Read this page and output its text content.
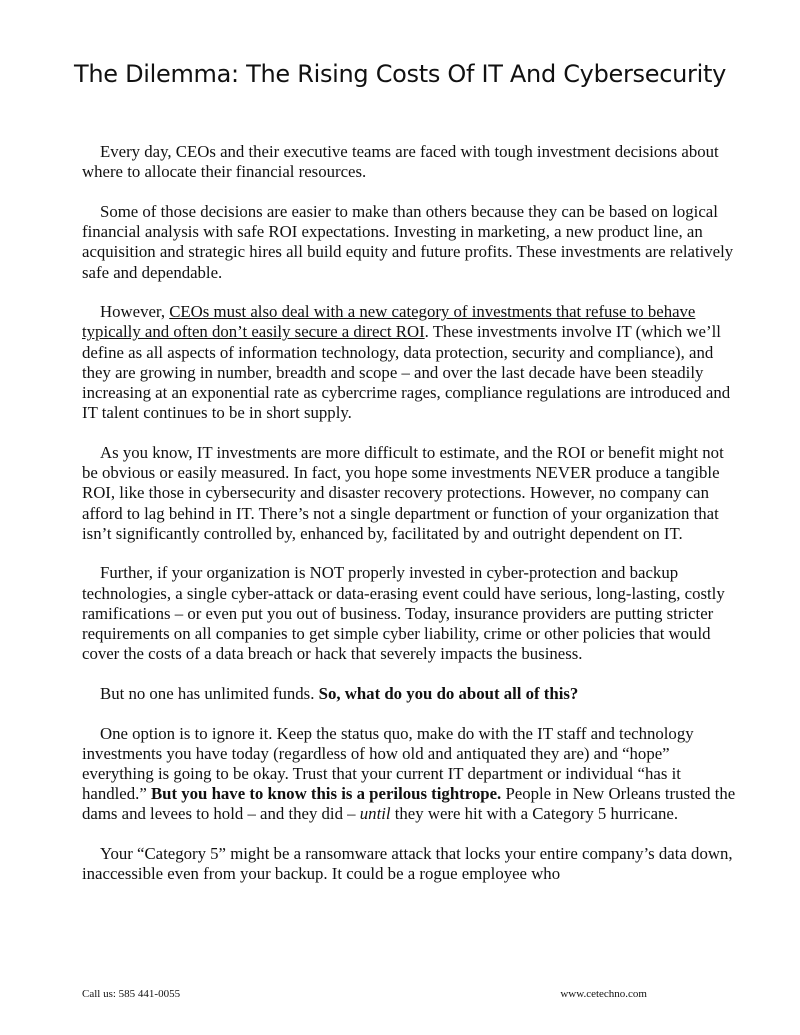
The Dilemma: The Rising Costs Of IT And Cybersecurity

Every day, CEOs and their executive teams are faced with tough investment decisions about where to allocate their financial resources.

Some of those decisions are easier to make than others because they can be based on logical financial analysis with safe ROI expectations. Investing in marketing, a new product line, an acquisition and strategic hires all build equity and future profits. These investments are relatively safe and dependable.

However, CEOs must also deal with a new category of investments that refuse to behave typically and often don’t easily secure a direct ROI. These investments involve IT (which we’ll define as all aspects of information technology, data protection, security and compliance), and they are growing in number, breadth and scope – and over the last decade have been steadily increasing at an exponential rate as cybercrime rages, compliance regulations are introduced and IT talent continues to be in short supply.

As you know, IT investments are more difficult to estimate, and the ROI or benefit might not be obvious or easily measured. In fact, you hope some investments NEVER produce a tangible ROI, like those in cybersecurity and disaster recovery protections. However, no company can afford to lag behind in IT. There’s not a single department or function of your organization that isn’t significantly controlled by, enhanced by, facilitated by and outright dependent on IT.

Further, if your organization is NOT properly invested in cyber-protection and backup technologies, a single cyber-attack or data-erasing event could have serious, long-lasting, costly ramifications – or even put you out of business. Today, insurance providers are putting stricter requirements on all companies to get simple cyber liability, crime or other policies that would cover the costs of a data breach or hack that severely impacts the business.

But no one has unlimited funds. So, what do you do about all of this?

One option is to ignore it. Keep the status quo, make do with the IT staff and technology investments you have today (regardless of how old and antiquated they are) and “hope” everything is going to be okay. Trust that your current IT department or individual “has it handled.” But you have to know this is a perilous tightrope. People in New Orleans trusted the dams and levees to hold – and they did – until they were hit with a Category 5 hurricane.

Your “Category 5” might be a ransomware attack that locks your entire company’s data down, inaccessible even from your backup. It could be a rogue employee who

Call us: 585 441-0055	www.cetechno.com
